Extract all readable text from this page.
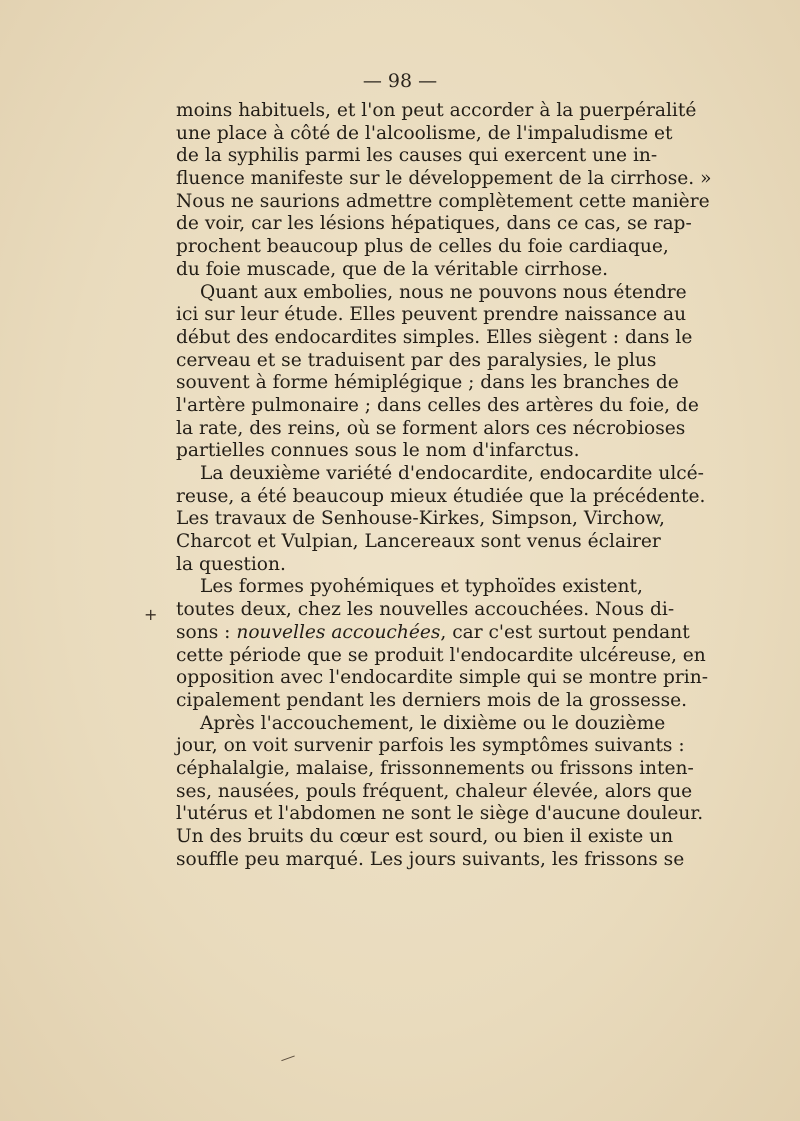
— 98 —
moins habituels, et l'on peut accorder à la puerpéralité
une place à côté de l'alcoolisme, de l'impaludisme et
de la syphilis parmi les causes qui exercent une in-
fluence manifeste sur le développement de la cirrhose. »
Nous ne saurions admettre complètement cette manière
de voir, car les lésions hépatiques, dans ce cas, se rap-
prochent beaucoup plus de celles du foie cardiaque,
du foie muscade, que de la véritable cirrhose.
Quant aux embolies, nous ne pouvons nous étendre
ici sur leur étude. Elles peuvent prendre naissance au
début des endocardites simples. Elles siègent : dans le
cerveau et se traduisent par des paralysies, le plus
souvent à forme hémiplégique ; dans les branches de
l'artère pulmonaire ; dans celles des artères du foie, de
la rate, des reins, où se forment alors ces nécrobioses
partielles connues sous le nom d'infarctus.
La deuxième variété d'endocardite, endocardite ulcé-
reuse, a été beaucoup mieux étudiée que la précédente.
Les travaux de Senhouse-Kirkes, Simpson, Virchow,
Charcot et Vulpian, Lancereaux sont venus éclairer
la question.
Les formes pyohémiques et typhoïdes existent,
toutes deux, chez les nouvelles accouchées. Nous di-
sons : nouvelles accouchées, car c'est surtout pendant
cette période que se produit l'endocardite ulcéreuse, en
opposition avec l'endocardite simple qui se montre prin-
cipalement pendant les derniers mois de la grossesse.
Après l'accouchement, le dixième ou le douzième
jour, on voit survenir parfois les symptômes suivants :
céphalalgie, malaise, frissonnements ou frissons inten-
ses, nausées, pouls fréquent, chaleur élevée, alors que
l'utérus et l'abdomen ne sont le siège d'aucune douleur.
Un des bruits du cœur est sourd, ou bien il existe un
souffle peu marqué. Les jours suivants, les frissons se
+
